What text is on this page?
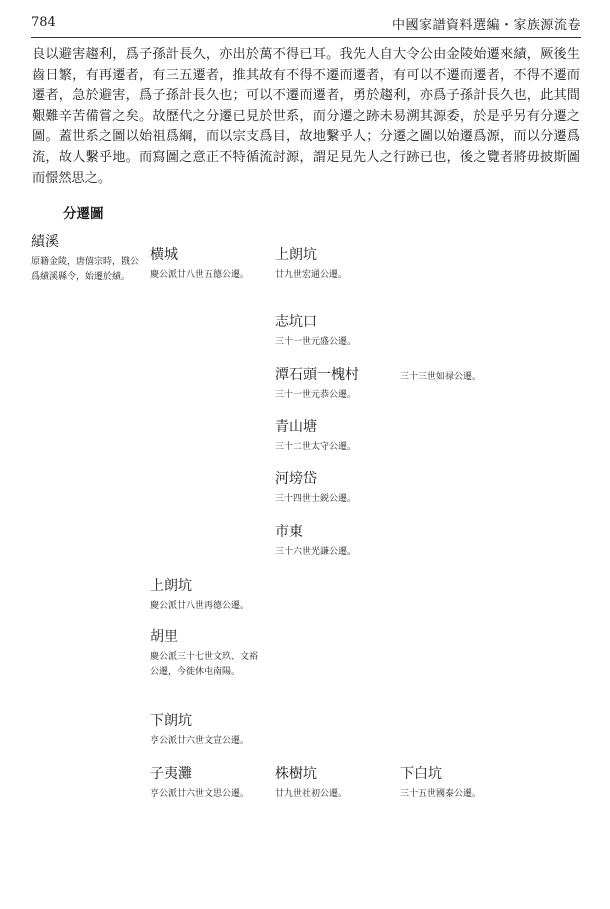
784	中國家譜資料選編・家族源流卷

良以避害趨利，爲子孫計長久，亦出於萬不得已耳。我先人自大令公由金陵始遷來績，厥後生齒日繁，有再遷者，有三五遷者，推其故有不得不遷而遷者，有可以不遷而遷者，不得不遷而遷者，急於避害，爲子孫計長久也；可以不遷而遷者，勇於趨利，亦爲子孫計長久也，此其間艱難辛苦備嘗之矣。故歷代之分遷已見於世系，而分遷之跡未易溯其源委，於是乎另有分遷之圖。蓋世系之圖以始祖爲綱，而以宗支爲目，故地繫乎人；分遷之圖以始遷爲源，而以分遷爲流，故人繫乎地。而寫圖之意正不特循流討源，謂足見先人之行跡已也，後之覽者將毋披斯圖而憬然思之。

分遷圖
績溪
原籍金陵，唐僖宗時，戡公爲績溪縣令，始遷於績。
横城
慶公派廿八世五德公遷。
上朗坑
廿九世宏通公遷。
志坑口
三十一世元盛公遷。
潭石頭一槐村
三十一世元恭公遷。
三十三世如禄公遷。
青山塘
三十二世太守公遷。
河塝岱
三十四世士鋭公遷。
市東
三十六世光謙公遷。
上朗坑
慶公派廿八世再德公遷。
胡里
慶公派三十七世文玖、文裕公遷，今徙休屯南陽。
下朗坑
亨公派廿六世文宣公遷。
子夷灘
亨公派廿六世文思公遷。
株樹坑
廿九世社初公遷。
下白坑
三十五世國泰公遷。
